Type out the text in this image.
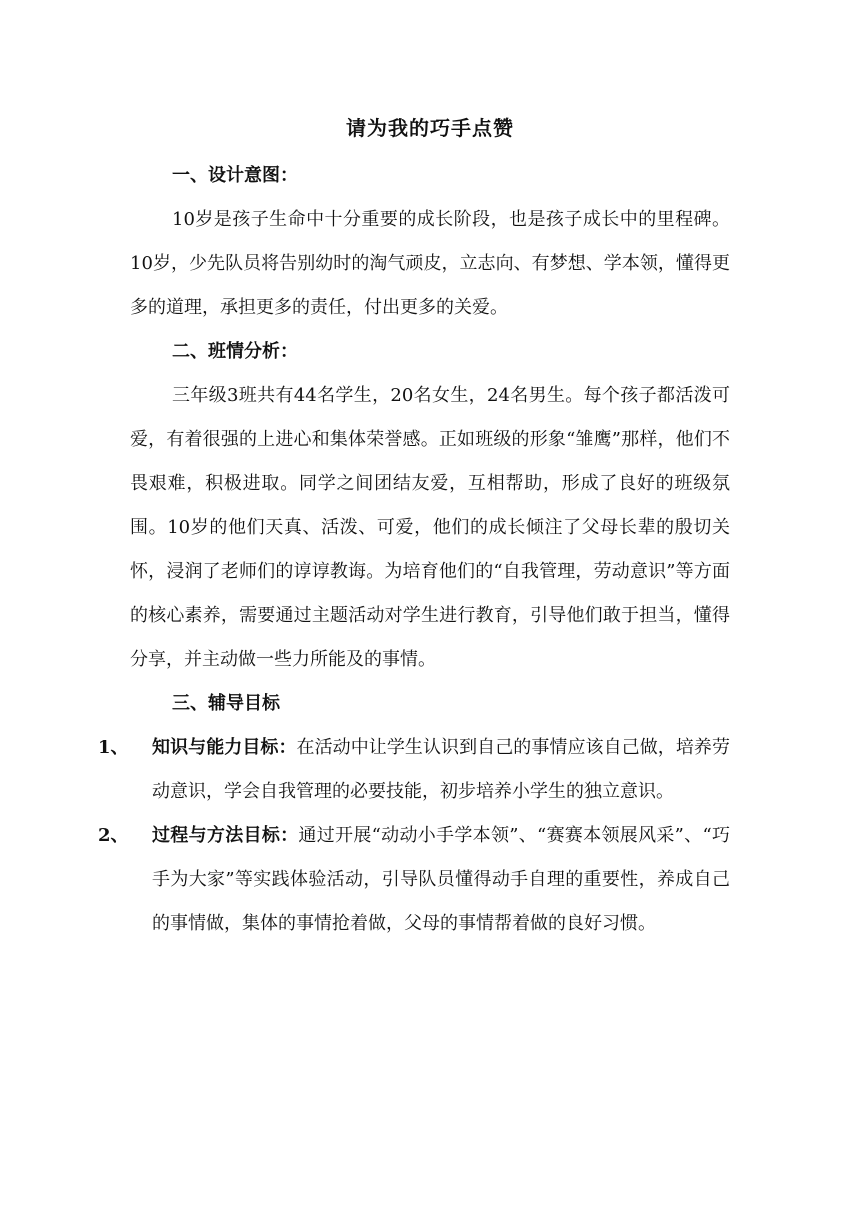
请为我的巧手点赞

一、设计意图：

10岁是孩子生命中十分重要的成长阶段，也是孩子成长中的里程碑。10岁，少先队员将告别幼时的淘气顽皮，立志向、有梦想、学本领，懂得更多的道理，承担更多的责任，付出更多的关爱。

二、班情分析：

三年级3班共有44名学生，20名女生，24名男生。每个孩子都活泼可爱，有着很强的上进心和集体荣誉感。正如班级的形象“雏鹰”那样，他们不畏艰难，积极进取。同学之间团结友爱，互相帮助，形成了良好的班级氛围。10岁的他们天真、活泼、可爱，他们的成长倾注了父母长辈的殷切关怀，浸润了老师们的谆谆教诲。为培育他们的“自我管理，劳动意识”等方面的核心素养，需要通过主题活动对学生进行教育，引导他们敢于担当，懂得分享，并主动做一些力所能及的事情。

三、辅导目标

1、	知识与能力目标：在活动中让学生认识到自己的事情应该自己做，培养劳动意识，学会自我管理的必要技能，初步培养小学生的独立意识。
2、	过程与方法目标：通过开展“动动小手学本领”、“赛赛本领展风采”、“巧手为大家”等实践体验活动，引导队员懂得动手自理的重要性，养成自己的事情做，集体的事情抢着做，父母的事情帮着做的良好习惯。
